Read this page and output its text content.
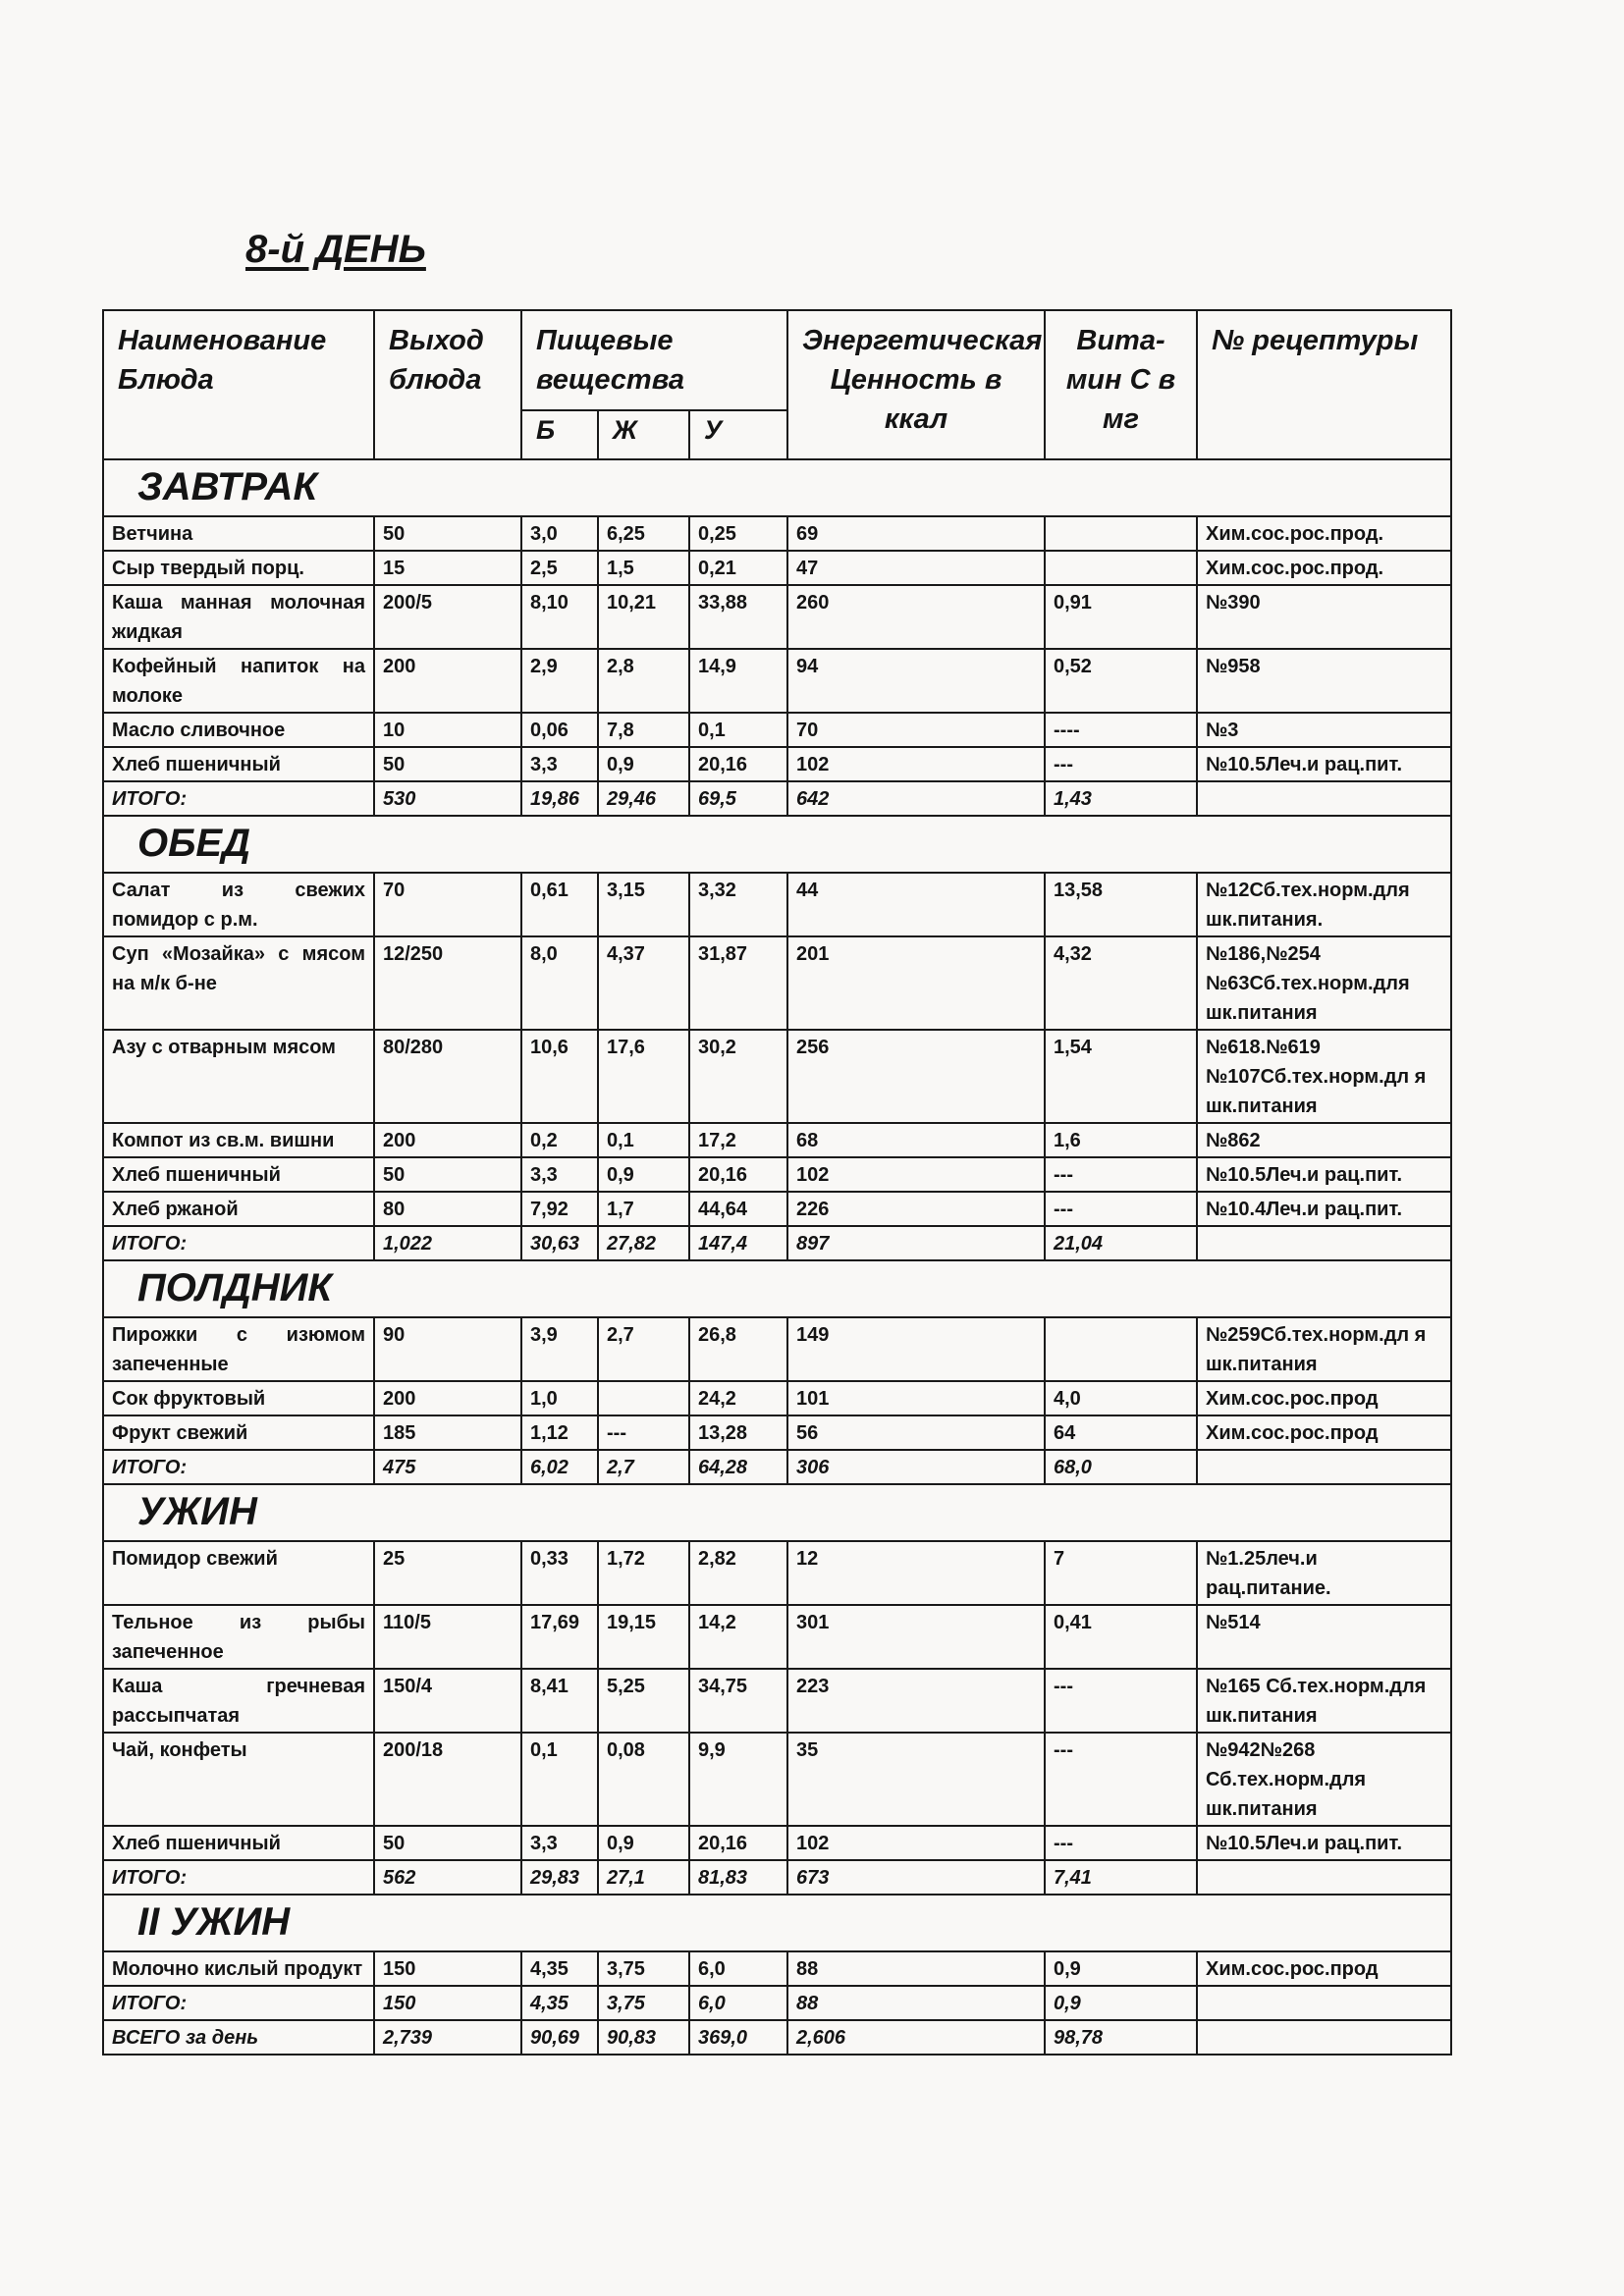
8-й ДЕНЬ
Наименование Блюда	Выход блюда	Пищевые вещества			Энергетическая Ценность в ккал	Вита- мин С в мг	№ рецептуры
		Б	Ж	У			
ЗАВТРАК							
Ветчина	50	3,0	6,25	0,25	69		Хим.сос.рос.прод.
Сыр твердый порц.	15	2,5	1,5	0,21	47		Хим.сос.рос.прод.
Каша манная молочная жидкая	200/5	8,10	10,21	33,88	260	0,91	№390
Кофейный напиток на молоке	200	2,9	2,8	14,9	94	0,52	№958
Масло сливочное	10	0,06	7,8	0,1	70	----	№3
Хлеб пшеничный	50	3,3	0,9	20,16	102	---	№10.5Леч.и рац.пит.
ИТОГО:	530	19,86	29,46	69,5	642	1,43	
ОБЕД							
Салат из свежих помидор с р.м.	70	0,61	3,15	3,32	44	13,58	№12Сб.тех.норм.для шк.питания.
Суп «Мозайка» с мясом на м/к б-не	12/250	8,0	4,37	31,87	201	4,32	№186,№254 №63Сб.тех.норм.для шк.питания
Азу с отварным мясом	80/280	10,6	17,6	30,2	256	1,54	№618.№619 №107Сб.тех.норм.дл я шк.питания
Компот из св.м. вишни	200	0,2	0,1	17,2	68	1,6	№862
Хлеб пшеничный	50	3,3	0,9	20,16	102	---	№10.5Леч.и рац.пит.
Хлеб ржаной	80	7,92	1,7	44,64	226	---	№10.4Леч.и рац.пит.
ИТОГО:	1,022	30,63	27,82	147,4	897	21,04	
ПОЛДНИК							
Пирожки с изюмом запеченные	90	3,9	2,7	26,8	149		№259Сб.тех.норм.дл я шк.питания
Сок фруктовый	200	1,0		24,2	101	4,0	Хим.сос.рос.прод
Фрукт свежий	185	1,12	---	13,28	56	64	Хим.сос.рос.прод
ИТОГО:	475	6,02	2,7	64,28	306	68,0	
УЖИН							
Помидор свежий	25	0,33	1,72	2,82	12	7	№1.25леч.и рац.питание.
Тельное из рыбы запеченное	110/5	17,69	19,15	14,2	301	0,41	№514
Каша гречневая рассыпчатая	150/4	8,41	5,25	34,75	223	---	№165 Сб.тех.норм.для шк.питания
Чай, конфеты	200/18	0,1	0,08	9,9	35	---	№942№268 Сб.тех.норм.для шк.питания
Хлеб пшеничный	50	3,3	0,9	20,16	102	---	№10.5Леч.и рац.пит.
ИТОГО:	562	29,83	27,1	81,83	673	7,41	
II УЖИН							
Молочно кислый продукт	150	4,35	3,75	6,0	88	0,9	Хим.сос.рос.прод
ИТОГО:	150	4,35	3,75	6,0	88	0,9	
ВСЕГО за день	2,739	90,69	90,83	369,0	2,606	98,78	
